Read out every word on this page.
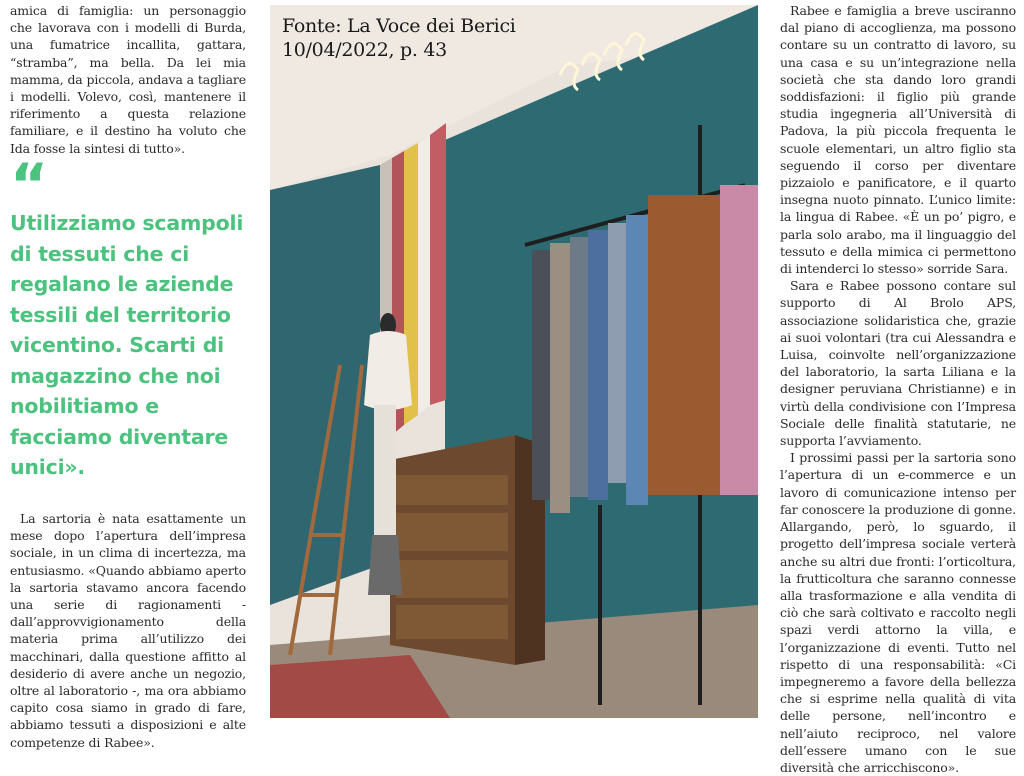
amica di famiglia: un personaggio che lavorava con i modelli di Burda, una fumatrice incallita, gattara, “stramba”, ma bella. Da lei mia mamma, da piccola, andava a tagliare i modelli. Volevo, così, mantenere il riferimento a questa relazione familiare, e il destino ha voluto che Ida fosse la sintesi di tutto».

“
Utilizziamo scampoli di tessuti che ci regalano le aziende tessili del territorio vicentino. Scarti di magazzino che noi nobilitiamo e facciamo diventare unici».

La sartoria è nata esattamente un mese dopo l’apertura dell’impresa sociale, in un clima di incertezza, ma entusiasmo. «Quando abbiamo aperto la sartoria stavamo ancora facendo una serie di ragionamenti - dall’approvvigionamento della materia prima all’utilizzo dei macchinari, dalla questione affitto al desiderio di avere anche un negozio, oltre al laboratorio -, ma ora abbiamo capito cosa siamo in grado di fare, abbiamo tessuti a disposizioni e alte competenze di Rabee».

Fonte: La Voce dei Berici
10/04/2022, p. 43

Rabee e famiglia a breve usciranno dal piano di accoglienza, ma possono contare su un contratto di lavoro, su una casa e su un’integrazione nella società che sta dando loro grandi soddisfazioni: il figlio più grande studia ingegneria all’Università di Padova, la più piccola frequenta le scuole elementari, un altro figlio sta seguendo il corso per diventare pizzaiolo e panificatore, e il quarto insegna nuoto pinnato. L’unico limite: la lingua di Rabee. «È un po’ pigro, e parla solo arabo, ma il linguaggio del tessuto e della mimica ci permettono di intenderci lo stesso» sorride Sara.

Sara e Rabee possono contare sul supporto di Al Brolo APS, associazione solidaristica che, grazie ai suoi volontari (tra cui Alessandra e Luisa, coinvolte nell’organizzazione del laboratorio, la sarta Liliana e la designer peruviana Christianne) e in virtù della condivisione con l’Impresa Sociale delle finalità statutarie, ne supporta l’avviamento.

I prossimi passi per la sartoria sono l’apertura di un e-commerce e un lavoro di comunicazione intenso per far conoscere la produzione di gonne. Allargando, però, lo sguardo, il progetto dell’impresa sociale verterà anche su altri due fronti: l’orticoltura, la frutticoltura che saranno connesse alla trasformazione e alla vendita di ciò che sarà coltivato e raccolto negli spazi verdi attorno la villa, e l’organizzazione di eventi. Tutto nel rispetto di una responsabilità: «Ci impegneremo a favore della bellezza che si esprime nella qualità di vita delle persone, nell’incontro e nell’aiuto reciproco, nel valore dell’essere umano con le sue diversità che arricchiscono».
